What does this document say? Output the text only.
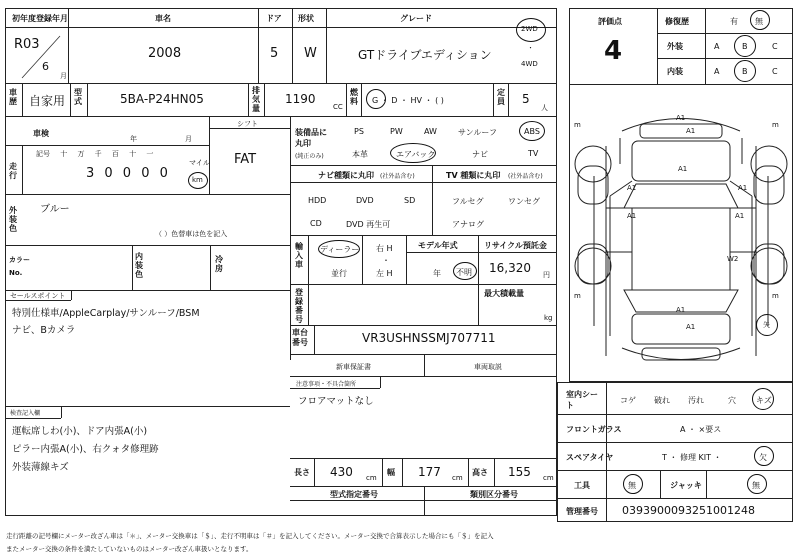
初年度登録年月	車名	ドア 形状	グレード
R03
6
月
2008	5 W	GTドライブエディション
2WD
・
4WD
車歴 自家用
型式	5BA-P24HN05
排気量
1190
CC
燃料 G ・ D ・ HV ・ ( )
定員 5
人
車検
年	月
シフト
FAT
走行
記号 十 万 千 百 十 一
マイル
3 0 0 0 0	km
外装色
ブルー
（ ）色替車は色を記入
カラーNo.
内装色
冷房
セールスポイント
特別仕様車/AppleCarplay/サンルーフ/BSM
ナビ、Bカメラ
装備品に丸印
(純正のみ)
PS	PW	AW	サンルーフ	ABS
本革	エアバック	ナビ	TV
ナビ種類に丸印 (社外品含む)
HDD	DVD	SD
CD	DVD 再生可
TV 種類に丸印 (社外品含む)
フルセグ	ワンセグ
アナログ
輸入車
ディーラー
並行
右 H
・
左 H
モデル年式
年 不明
リサイクル預託金
16,320 円
登録番号
最大積載量
kg
車台番号	VR3USHNSSMJ707711
新車保証書	車両取説
注意事項・不具合箇所
フロアマットなし
検査記入欄
運転席しわ(小)、ドア内張A(小)
ピラー内張A(小)、右クォタ修理跡
外装薄線キズ	長さ 430 cm
幅 177 cm
高さ 155 cm
型式指定番号	類別区分番号
走行距離の記号欄にメーター改ざん車は「＊」、メーター交換車は「＄」、走行不明車は「＃」を記入してください。メーター交換で合算表示した場合にも「＄」を記入
またメーター交換の条件を満たしていないものはメーター改ざん車扱いとなります。
評価点
4
修復歴	有 無
外装	A	B	C
内装	A	B	C
A1
A1
A1
A1	A1
A1	A1
W2
A1
A1
m	m
m	m
矢
室内シート
コゲ 破れ 汚れ	穴	キズ
フロントガラス	A ・ ×要ス
スペアタイヤ	T ・ 修理 KIT ・	欠
工具	無	ジャッキ	無
管理番号 0393900093251001248
